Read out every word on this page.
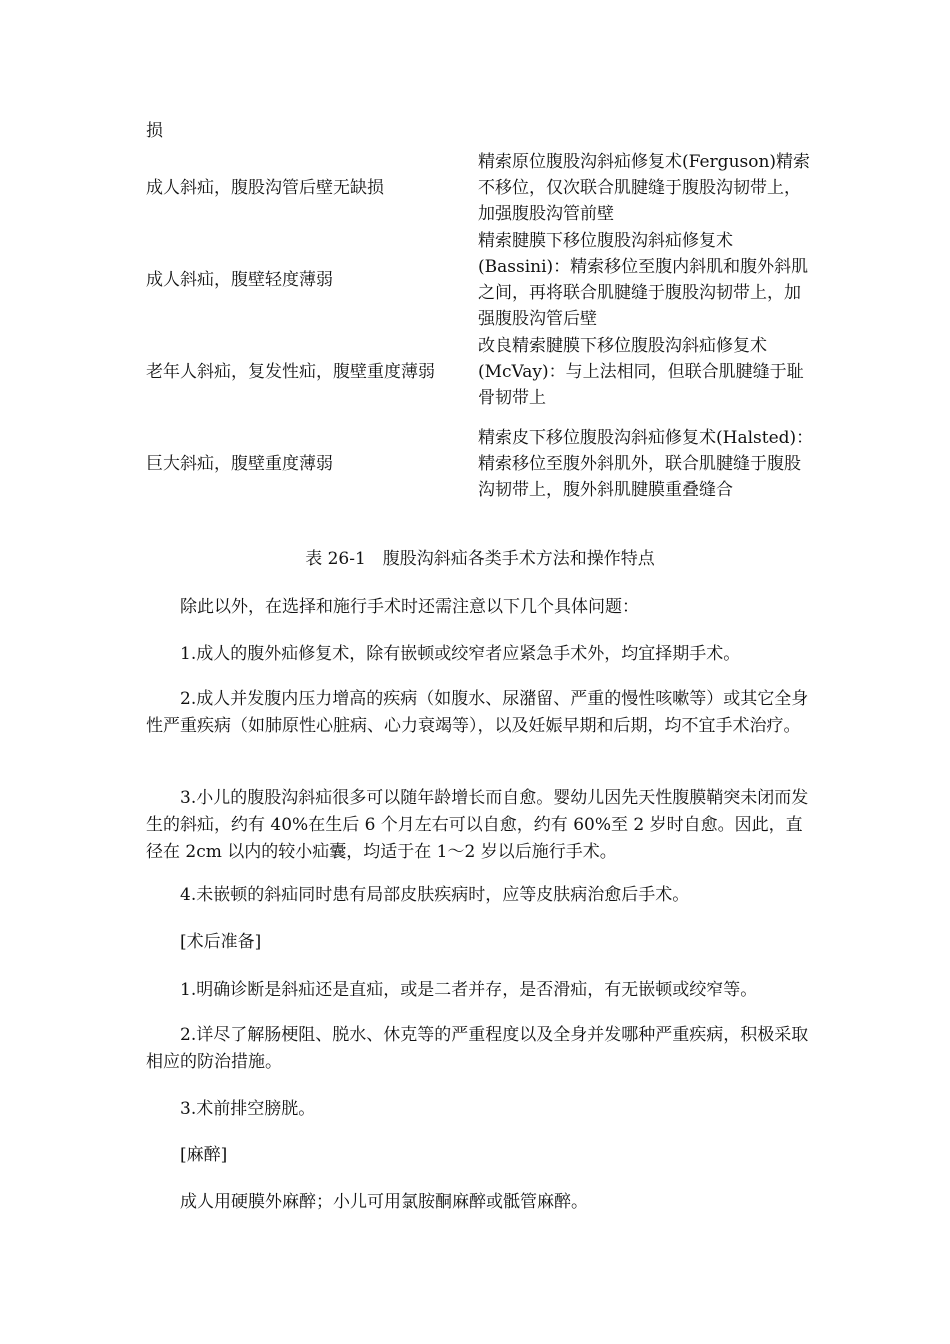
损
成人斜疝，腹股沟管后壁无缺损	精索原位腹股沟斜疝修复术(Ferguson)精索不移位，仅次联合肌腱缝于腹股沟韧带上，加强腹股沟管前壁
成人斜疝，腹壁轻度薄弱	精索腱膜下移位腹股沟斜疝修复术(Bassini)：精索移位至腹内斜肌和腹外斜肌之间，再将联合肌腱缝于腹股沟韧带上，加强腹股沟管后壁
老年人斜疝，复发性疝，腹壁重度薄弱	改良精索腱膜下移位腹股沟斜疝修复术(McVay)：与上法相同，但联合肌腱缝于耻骨韧带上
巨大斜疝，腹壁重度薄弱	精索皮下移位腹股沟斜疝修复术(Halsted)：精索移位至腹外斜肌外，联合肌腱缝于腹股沟韧带上，腹外斜肌腱膜重叠缝合
表 26-1　腹股沟斜疝各类手术方法和操作特点

除此以外，在选择和施行手术时还需注意以下几个具体问题：

1.成人的腹外疝修复术，除有嵌顿或绞窄者应紧急手术外，均宜择期手术。

2.成人并发腹内压力增高的疾病（如腹水、尿潴留、严重的慢性咳嗽等）或其它全身性严重疾病（如肺原性心脏病、心力衰竭等），以及妊娠早期和后期，均不宜手术治疗。

3.小儿的腹股沟斜疝很多可以随年龄增长而自愈。婴幼儿因先天性腹膜鞘突未闭而发生的斜疝，约有 40%在生后 6 个月左右可以自愈，约有 60%至 2 岁时自愈。因此，直径在 2cm 以内的较小疝囊，均适于在 1～2 岁以后施行手术。

4.未嵌顿的斜疝同时患有局部皮肤疾病时，应等皮肤病治愈后手术。

[术后准备]

1.明确诊断是斜疝还是直疝，或是二者并存，是否滑疝，有无嵌顿或绞窄等。

2.详尽了解肠梗阻、脱水、休克等的严重程度以及全身并发哪种严重疾病，积极采取相应的防治措施。

3.术前排空膀胱。

[麻醉]

成人用硬膜外麻醉；小儿可用氯胺酮麻醉或骶管麻醉。
